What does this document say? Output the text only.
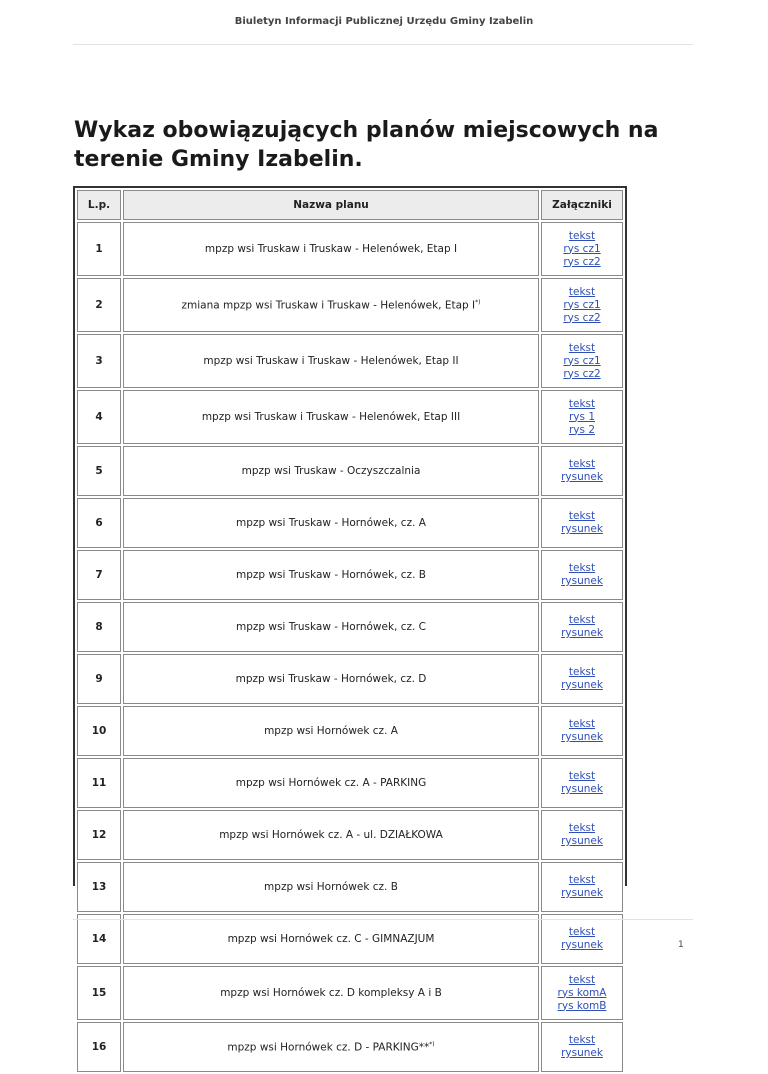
Biuletyn Informacji Publicznej Urzędu Gminy Izabelin
Wykaz obowiązujących planów miejscowych na terenie Gminy Izabelin.
L.p.	Nazwa planu	Załączniki
1	mpzp wsi Truskaw i Truskaw - Helenówek, Etap I	tekst
rys cz1
rys cz2

2	zmiana mpzp wsi Truskaw i Truskaw - Helenówek, Etap I*)	tekst
rys cz1
rys cz2

3	mpzp wsi Truskaw i Truskaw - Helenówek, Etap II	tekst
rys cz1
rys cz2

4	mpzp wsi Truskaw i Truskaw - Helenówek, Etap III	tekst
rys 1
rys 2

5	mpzp wsi Truskaw - Oczyszczalnia	tekst
rysunek

6	mpzp wsi Truskaw - Hornówek, cz. A	tekst
rysunek

7	mpzp wsi Truskaw - Hornówek, cz. B	tekst
rysunek

8	mpzp wsi Truskaw - Hornówek, cz. C	tekst
rysunek

9	mpzp wsi Truskaw - Hornówek, cz. D	tekst
rysunek

10	mpzp wsi Hornówek cz. A	tekst
rysunek

11	mpzp wsi Hornówek cz. A - PARKING	tekst
rysunek

12	mpzp wsi Hornówek cz. A - ul. DZIAŁKOWA	tekst
rysunek

13	mpzp wsi Hornówek cz. B	tekst
rysunek

14	mpzp wsi Hornówek cz. C - GIMNAZJUM	tekst
rysunek

15	mpzp wsi Hornówek cz. D kompleksy A i B	tekst
rys komA
rys komB

16	mpzp wsi Hornówek cz. D - PARKING***)	tekst
rysunek
1
